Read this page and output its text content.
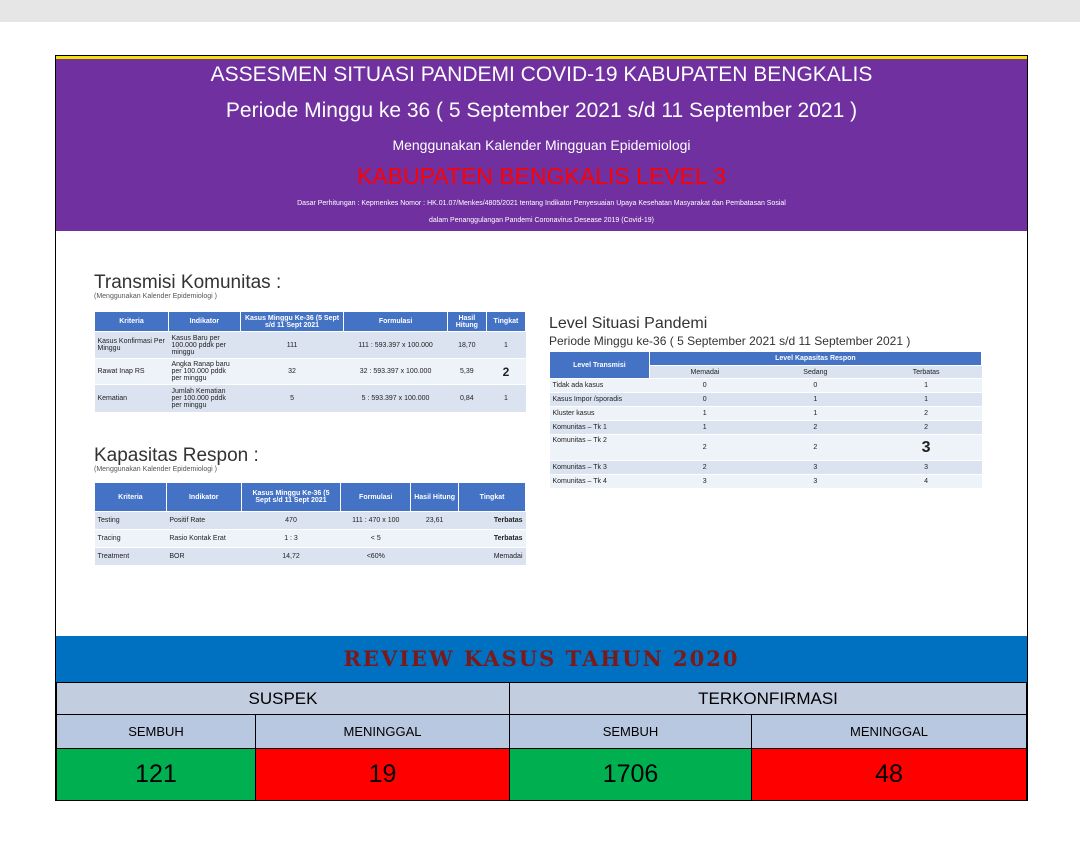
ASSESMEN SITUASI PANDEMI COVID-19 KABUPATEN BENGKALIS
Periode Minggu ke 36 ( 5 September 2021 s/d 11 September 2021 )
Menggunakan Kalender Mingguan Epidemiologi
KABUPATEN BENGKALIS LEVEL 3
Dasar Perhitungan : Kepmenkes Nomor : HK.01.07/Menkes/4805/2021 tentang Indikator Penyesuaian Upaya Kesehatan Masyarakat dan Pembatasan Sosial
dalam Penanggulangan Pandemi Coronavirus Desease 2019 (Covid-19)
Transmisi Komunitas :
(Menggunakan Kalender Epidemiologi )
Kriteria	Indikator	Kasus Minggu Ke-36 (5 Sept s/d 11 Sept 2021	Formulasi	Hasil Hitung	Tingkat
Kasus Konfirmasi Per Minggu	Kasus Baru per 100.000 pddk per minggu	111	111 : 593.397 x 100.000	18,70	1
Rawat Inap RS	Angka Ranap baru per 100.000 pddk per minggu	32	32 : 593.397 x 100.000	5,39	2
Kematian	Jumlah Kematian per 100.000 pddk per minggu	5	5 : 593.397 x 100.000	0,84	1
Kapasitas Respon :
(Menggunakan Kalender Epidemiologi )
Kriteria	Indikator	Kasus Minggu Ke-36 (5 Sept s/d 11 Sept 2021	Formulasi	Hasil Hitung	Tingkat
Testing	Positif Rate	470	111 : 470 x 100	23,61	Terbatas
Tracing	Rasio Kontak Erat	1 : 3	< 5		Terbatas
Treatment	BOR	14,72	<60%		Memadai
Level Situasi Pandemi
Periode Minggu ke-36 ( 5 September 2021 s/d 11 September 2021 )
Level Transmisi	Level Kapasitas Respon		
	Memadai	Sedang	Terbatas
Tidak ada kasus	0	0	1
Kasus Impor /sporadis	0	1	1
Kluster kasus	1	1	2
Komunitas – Tk 1	1	2	2
Komunitas – Tk 2	2	2	3
Komunitas – Tk 3	2	3	3
Komunitas – Tk 4	3	3	4
REVIEW KASUS TAHUN 2020
SUSPEK	TERKONFIRMASI
SEMBUH	MENINGGAL	SEMBUH	MENINGGAL
121	19	1706	48
